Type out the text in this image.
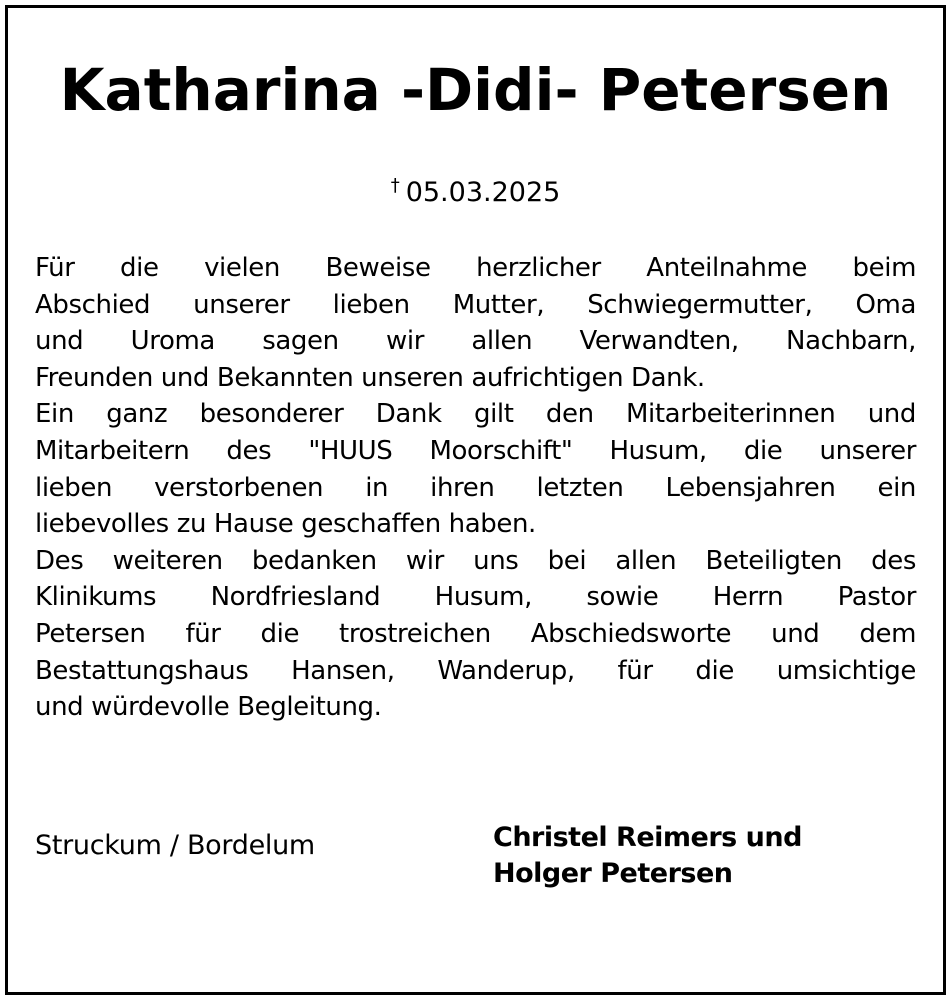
Katharina -Didi- Petersen
† 05.03.2025
Für die vielen Beweise herzlicher Anteilnahme beim
Abschied unserer lieben Mutter, Schwiegermutter, Oma
und Uroma sagen wir allen Verwandten, Nachbarn,
Freunden und Bekannten unseren aufrichtigen Dank.
Ein ganz besonderer Dank gilt den Mitarbeiterinnen und
Mitarbeitern des "HUUS Moorschift" Husum, die unserer
lieben verstorbenen in ihren letzten Lebensjahren ein
liebevolles zu Hause geschaffen haben.
Des weiteren bedanken wir uns bei allen Beteiligten des
Klinikums Nordfriesland Husum, sowie Herrn Pastor
Petersen für die trostreichen Abschiedsworte und dem
Bestattungshaus Hansen, Wanderup, für die umsichtige
und würdevolle Begleitung.
Struckum / Bordelum	Christel Reimers und
Holger Petersen
